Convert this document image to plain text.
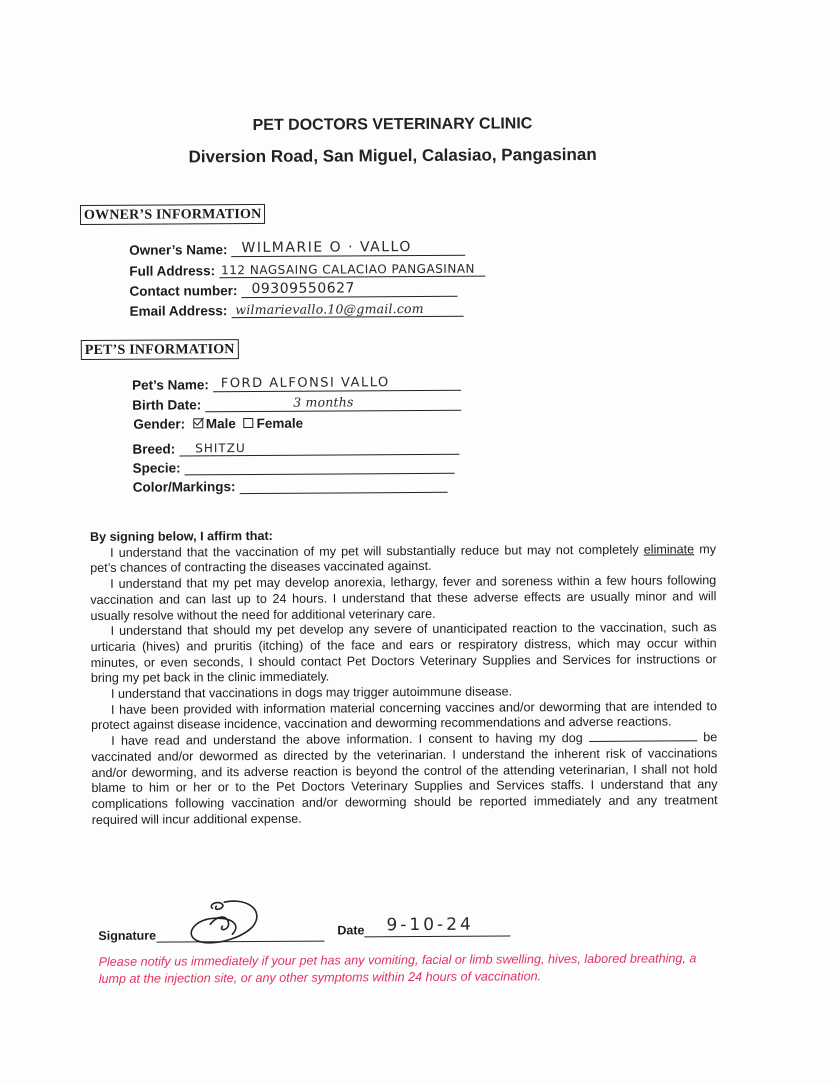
PET DOCTORS VETERINARY CLINIC
Diversion Road, San Miguel, Calasiao, Pangasinan
OWNER’S INFORMATION
Owner’s Name: WILMARIE O · VALLO
Full Address: 112 NAGSAING CALACIAO PANGASINAN
Contact number: 09309550627
Email Address: wilmarievallo.10@gmail.com
PET’S INFORMATION
Pet’s Name: FORD ALFONSI VALLO
Birth Date:	3 months
Gender: Male Female
Breed: SHITZU
Specie:
Color/Markings:
By signing below, I affirm that:

I understand that the vaccination of my pet will substantially reduce but may not completely eliminate my pet’s chances of contracting the diseases vaccinated against.

I understand that my pet may develop anorexia, lethargy, fever and soreness within a few hours following vaccination and can last up to 24 hours. I understand that these adverse effects are usually minor and will usually resolve without the need for additional veterinary care.

I understand that should my pet develop any severe of unanticipated reaction to the vaccination, such as urticaria (hives) and pruritis (itching) of the face and ears or respiratory distress, which may occur within minutes, or even seconds, I should contact Pet Doctors Veterinary Supplies and Services for instructions or bring my pet back in the clinic immediately.

I understand that vaccinations in dogs may trigger autoimmune disease.

I have been provided with information material concerning vaccines and/or deworming that are intended to protect against disease incidence, vaccination and deworming recommendations and adverse reactions.

I have read and understand the above information. I consent to having my dog	be vaccinated and/or dewormed as directed by the veterinarian. I understand the inherent risk of vaccinations and/or deworming, and its adverse reaction is beyond the control of the attending veterinarian, I shall not hold blame to him or her or to the Pet Doctors Veterinary Supplies and Services staffs. I understand that any complications following vaccination and/or deworming should be reported immediately and any treatment required will incur additional expense.

Signature	Date 9-10-24
Please notify us immediately if your pet has any vomiting, facial or limb swelling, hives, labored breathing, a lump at the injection site, or any other symptoms within 24 hours of vaccination.
